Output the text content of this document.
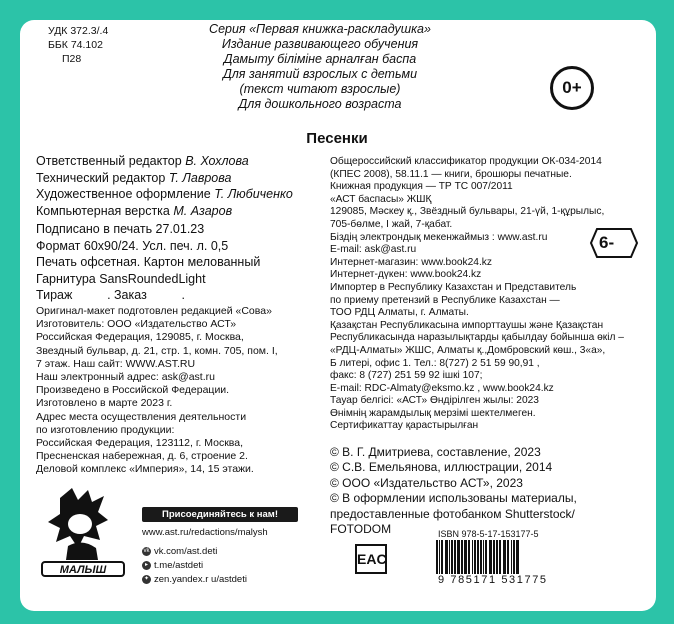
УДК 372.3/.4
ББК 74.102
П28
Серия «Первая книжка-раскладушка»
Издание развивающего обучения
Дамыту біліміне арналған баспа
Для занятий взрослых с детьми
(текст читают взрослые)
Для дошкольного возраста
0+
Песенки
Ответственный редактор В. Хохлова
Технический редактор Т. Лаврова
Художественное оформление Т. Любиченко
Компьютерная верстка М. Азаров
Подписано в печать 27.01.23
Формат 60x90/24. Усл. печ. л. 0,5
Печать офсетная. Картон мелованный
Гарнитура SansRoundedLight
Тираж          . Заказ          .
Оригинал-макет подготовлен редакцией «Сова»
Изготовитель: ООО «Издательство АСТ»
Российская Федерация, 129085, г. Москва,
Звездный бульвар, д. 21, стр. 1, комн. 705, пом. I,
7 этаж. Наш сайт: WWW.AST.RU
Наш электронный адрес: ask@ast.ru
Произведено в Российской Федерации.
Изготовлено в марте 2023 г.
Адрес места осуществления деятельности
по изготовлению продукции:
Российская Федерация, 123112, г. Москва,
Пресненская набережная, д. 6, строение 2.
Деловой комплекс «Империя», 14, 15 этажи.
Общероссийский классификатор продукции ОК-034-2014
(КПЕС 2008), 58.11.1 — книги, брошюры печатные.
Книжная продукция — ТР ТС 007/2011
«АСТ баспасы» ЖШҚ
129085, Мәскеу қ., Звёздный бульвары, 21-үй, 1-құрылыс,
705-бөлме, I жай, 7-қабат.
Біздің электрондық мекенжаймыз : www.ast.ru
E-mail: ask@ast.ru
Интернет-магазин: www.book24.kz
Интернет-дүкен: www.book24.kz
Импортер в Республику Казахстан и Представитель
по приему претензий в Республике Казахстан —
ТОО РДЦ Алматы, г. Алматы.
Қазақстан Республикасына импорттаушы және Қазақстан
Республикасында наразылықтарды қабылдау бойынша өкіл –
«РДЦ-Алматы» ЖШС, Алматы қ.,Домбровский көш., 3«а»,
Б литері, офис 1. Тел.: 8(727) 2 51 59 90,91 ,
факс: 8 (727) 251 59 92 ішкі 107;
E-mail: RDC-Almaty@eksmo.kz , www.book24.kz
Тауар белгісі: «АСТ» Өндірілген жылы: 2023
Өнімнің жарамдылық мерзімі шектелмеген.
Сертификаттау қарастырылған
6-
© В. Г. Дмитриева, составление, 2023
© С.В. Емельянова, иллюстрации, 2014
© ООО «Издательство АСТ», 2023
© В оформлении использованы материалы,
предоставленные фотобанком Shutterstock/
FOTODOM
EAC
ISBN 978-5-17-153177-5
9 785171 531775
МАЛЫШ
Присоединяйтесь к нам!
www.ast.ru/redactions/malysh
vk vk.com/ast.deti
▸ t.me/astdeti
✦ zen.yandex.r u/astdeti
